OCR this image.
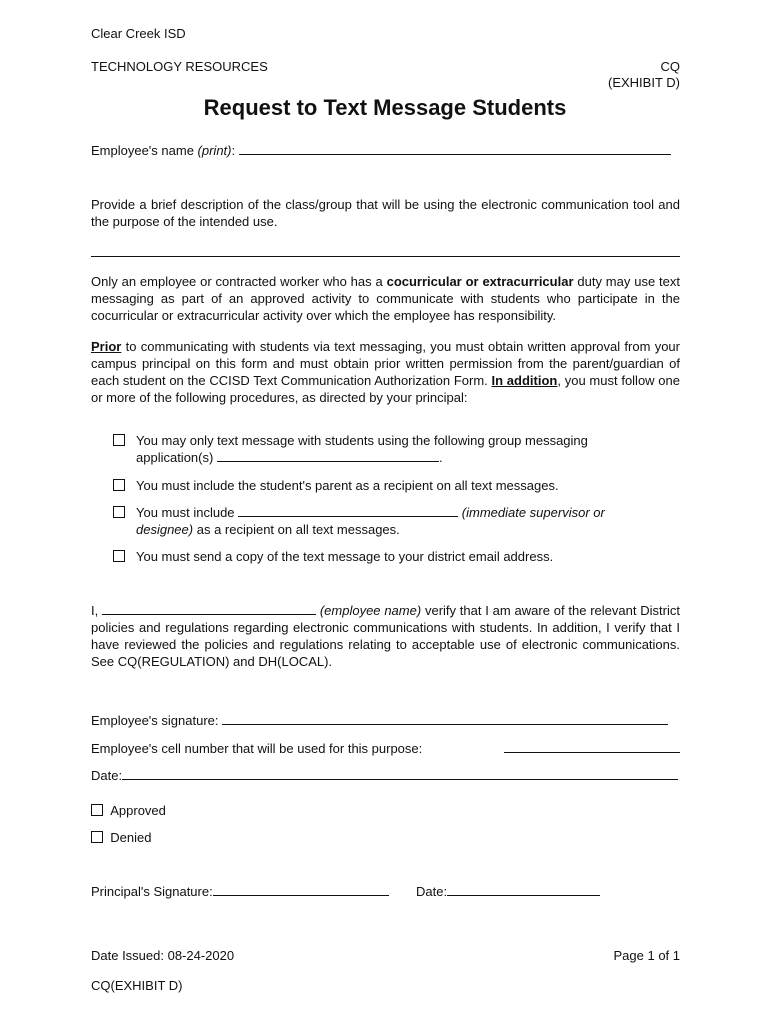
Clear Creek ISD
TECHNOLOGY RESOURCES	CQ
(EXHIBIT D)
Request to Text Message Students
Employee's name (print):
Provide a brief description of the class/group that will be using the electronic communication tool and the purpose of the intended use.
Only an employee or contracted worker who has a cocurricular or extracurricular duty may use text messaging as part of an approved activity to communicate with students who participate in the cocurricular or extracurricular activity over which the employee has responsibility.
Prior to communicating with students via text messaging, you must obtain written approval from your campus principal on this form and must obtain prior written permission from the parent/guardian of each student on the CCISD Text Communication Authorization Form. In addition, you must follow one or more of the following procedures, as directed by your principal:
You may only text message with students using the following group messaging
application(s)	.
You must include the student's parent as a recipient on all text messages.
You must include	(immediate supervisor or
designee) as a recipient on all text messages.
You must send a copy of the text message to your district email address.
I,	(employee name) verify that I am aware of the relevant District policies and regulations regarding electronic communications with students. In addition, I verify that I have reviewed the policies and regulations relating to acceptable use of electronic communications. See CQ(REGULATION) and DH(LOCAL).
Employee's signature:
Employee's cell number that will be used for this purpose:
Date:
Approved
Denied
Principal's Signature:	Date:
Date Issued: 08-24-2020	Page 1 of 1
CQ(EXHIBIT D)
